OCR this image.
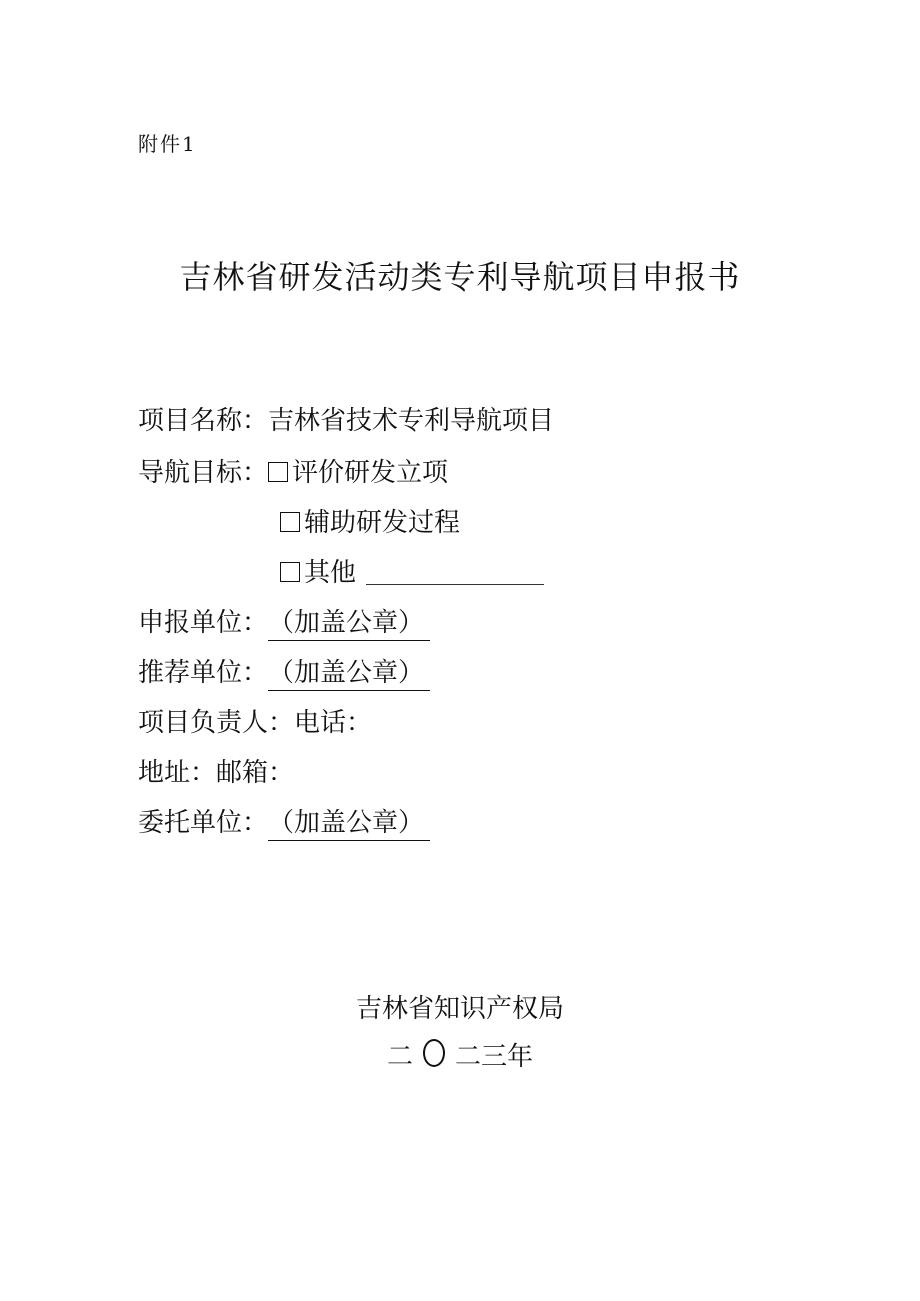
附件1
吉林省研发活动类专利导航项目申报书
项目名称：吉林省技术专利导航项目
导航目标： 评价研发立项
辅助研发过程
其他
申报单位：（加盖公章）
推荐单位：（加盖公章）
项目负责人：电话：
地址：邮箱：
委托单位：（加盖公章）
吉林省知识产权局
二 二三年
